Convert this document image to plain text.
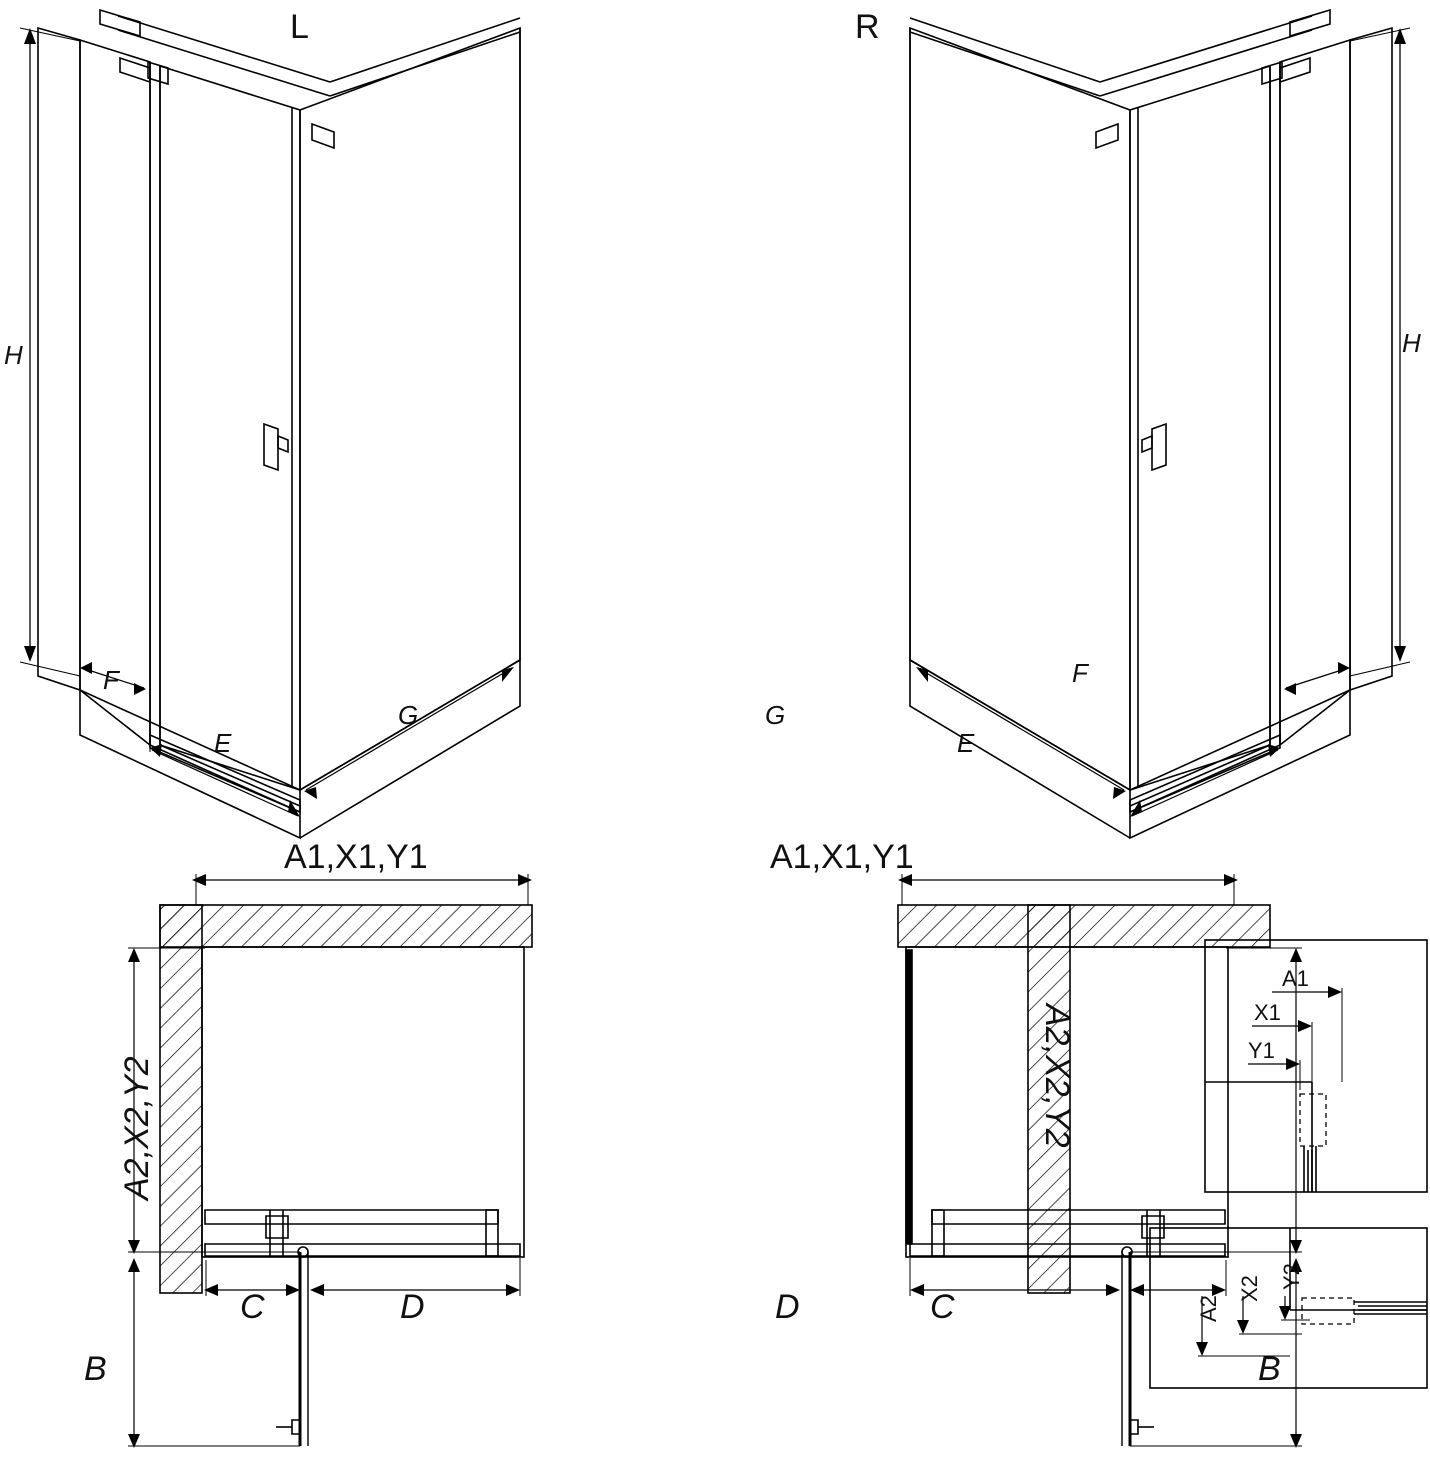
L	R
H	H
F
E
G	G
E
F
A1,X1,Y1	A1,X1,Y1
A2,X2,Y2	A2,X2,Y2
C	D
B
D	C
B
A1
X1
Y1
A2
X2 Y2
